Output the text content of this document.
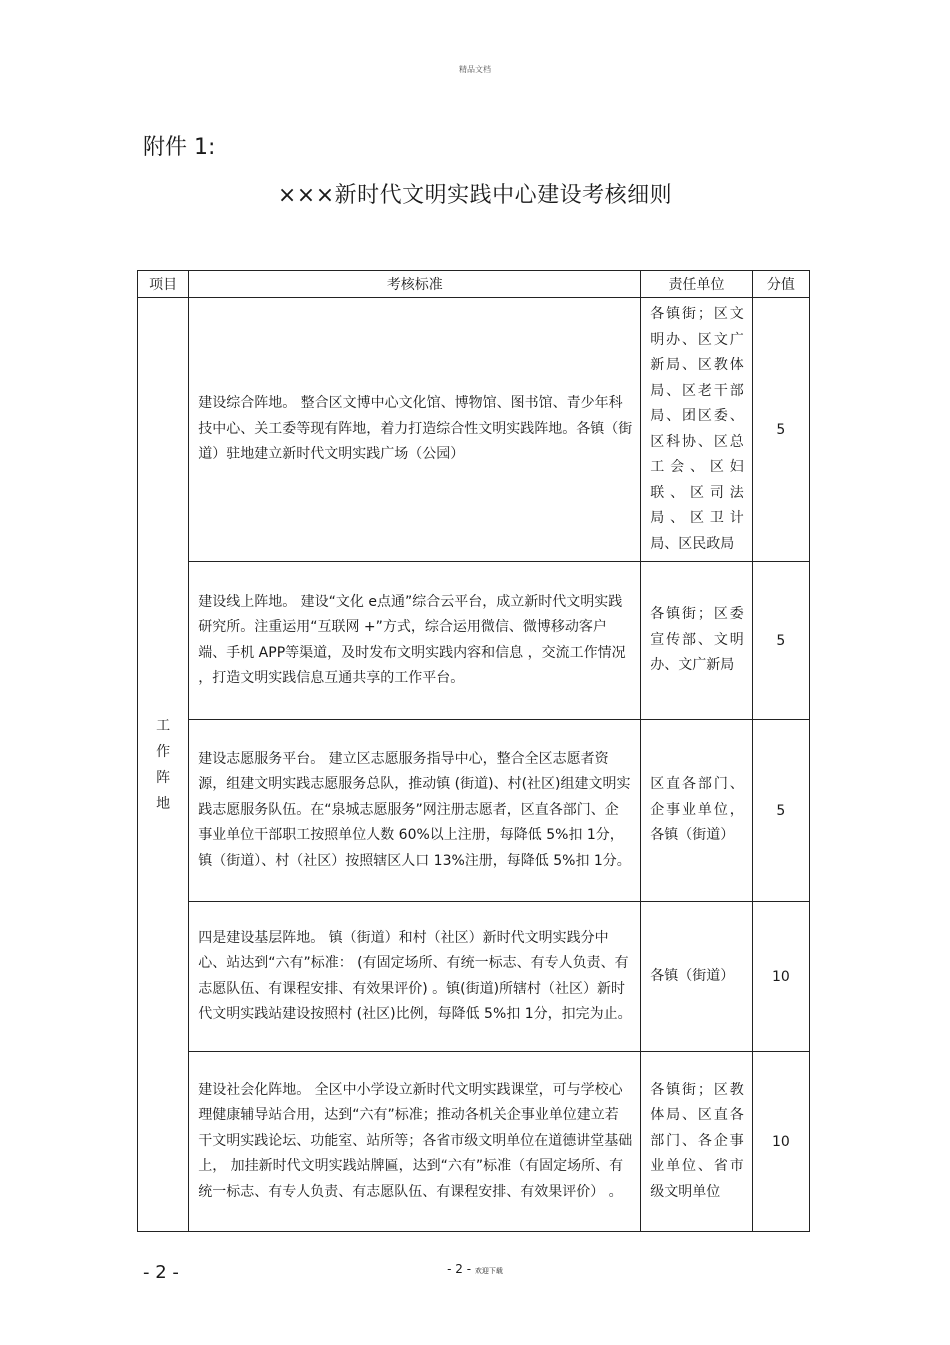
精品文档
附件 1:
×××新时代文明实践中心建设考核细则
项目	考核标准	责任单位	分值
工作阵地	建设综合阵地。 整合区文博中心文化馆、博物馆、图书馆、青少年科技中心、关工委等现有阵地，着力打造综合性文明实践阵地。各镇（街道）驻地建立新时代文明实践广场（公园）	各镇街；区文明办、区文广新局、区教体局、区老干部局、团区委、区科协、区总工会、区妇联、区司法局、区卫计局、区民政局	5
	建设线上阵地。 建设“文化 e点通”综合云平台，成立新时代文明实践研究所。注重运用“互联网 +”方式，综合运用微信、微博移动客户端、手机 APP等渠道，及时发布文明实践内容和信息 ，交流工作情况 ，打造文明实践信息互通共享的工作平台。	各镇街；区委宣传部、文明办、文广新局	5
	建设志愿服务平台。 建立区志愿服务指导中心，整合全区志愿者资源，组建文明实践志愿服务总队，推动镇 (街道)、村(社区)组建文明实践志愿服务队伍。在“泉城志愿服务”网注册志愿者，区直各部门、企事业单位干部职工按照单位人数 60%以上注册，每降低 5%扣 1分，镇（街道）、村（社区）按照辖区人口 13%注册，每降低 5%扣 1分。	区直各部门、企事业单位，各镇（街道）	5
	四是建设基层阵地。 镇（街道）和村（社区）新时代文明实践分中心、站达到“六有”标准： (有固定场所、有统一标志、有专人负责、有志愿队伍、有课程安排、有效果评价) 。镇(街道)所辖村（社区）新时代文明实践站建设按照村 (社区)比例，每降低 5%扣 1分，扣完为止。	各镇（街道）	10
	建设社会化阵地。 全区中小学设立新时代文明实践课堂，可与学校心理健康辅导站合用，达到“六有”标准；推动各机关企事业单位建立若干文明实践论坛、功能室、站所等；各省市级文明单位在道德讲堂基础上， 加挂新时代文明实践站牌匾，达到“六有”标准（有固定场所、有统一标志、有专人负责、有志愿队伍、有课程安排、有效果评价） 。	各镇街；区教体局、区直各部门、各企事业单位、省市级文明单位	10
- 2 -	- 2 - 欢迎下载
